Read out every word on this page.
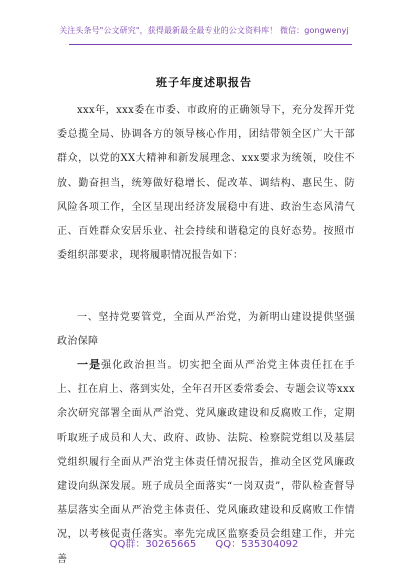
关注头条号"公文研究"，获得最新最全最专业的公文资料库！ 微信：gongwenyj
班子年度述职报告

xxx年，xxx委在市委、市政府的正确领导下，充分发挥开党委总揽全局、协调各方的领导核心作用，团结带领全区广大干部群众，以党的XX大精神和新发展理念、xxx要求为统领，咬住不放、勤奋担当，统筹做好稳增长、促改革、调结构、惠民生、防风险各项工作，全区呈现出经济发展稳中有进、政治生态风清气正、百姓群众安居乐业、社会持续和谐稳定的良好态势。按照市委组织部要求，现将履职情况报告如下：

一、坚持党要管党，全面从严治党，为新明山建设提供坚强政治保障

一是强化政治担当。切实把全面从严治党主体责任扛在手上、扛在肩上、落到实处，全年召开区委常委会、专题会议等xxx余次研究部署全面从严治党、党风廉政建设和反腐败工作，定期听取班子成员和人大、政府、政协、法院、检察院党组以及基层党组织履行全面从严治党主体责任情况报告，推动全区党风廉政建设向纵深发展。班子成员全面落实“一岗双责”，带队检查督导基层落实全面从严治党主体责任、党风廉政建设和反腐败工作情况，以考核促责任落实。率先完成区监察委员会组建工作，并完善

QQ群：30265665 QQ：535304092
